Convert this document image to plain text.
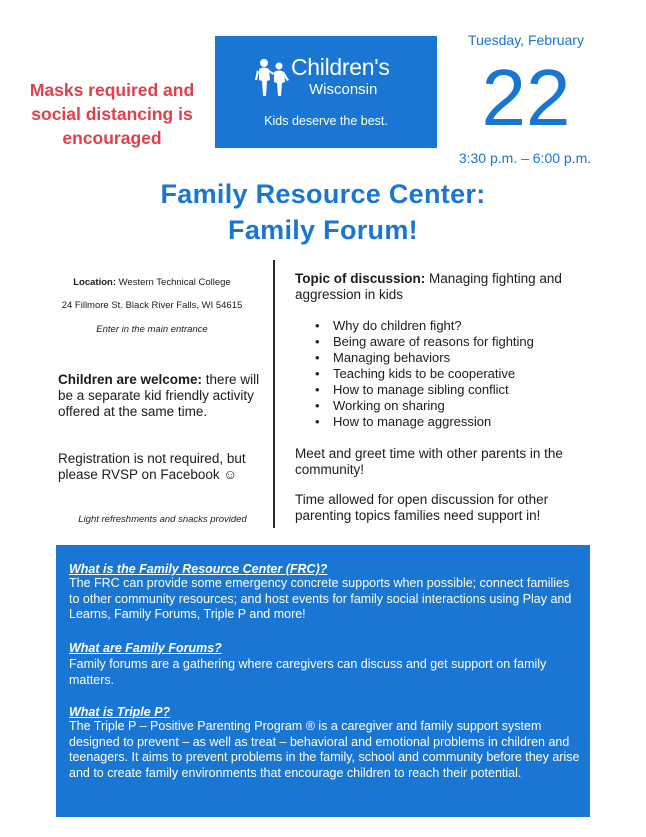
Masks required and social distancing is encouraged
Children's
Wisconsin
Kids deserve the best.
Tuesday, February
22
3:30 p.m. – 6:00 p.m.
Family Resource Center:
Family Forum!
Location: Western Technical College
24 Fillmore St. Black River Falls, WI 54615
Enter in the main entrance
Children are welcome: there will be a separate kid friendly activity offered at the same time.
Registration is not required, but please RVSP on Facebook ☺
Light refreshments and snacks provided
Topic of discussion: Managing fighting and aggression in kids
• Why do children fight?
• Being aware of reasons for fighting
• Managing behaviors
• Teaching kids to be cooperative
• How to manage sibling conflict
• Working on sharing
• How to manage aggression
Meet and greet time with other parents in the community!
Time allowed for open discussion for other parenting topics families need support in!
What is the Family Resource Center (FRC)?
The FRC can provide some emergency concrete supports when possible; connect families to other community resources; and host events for family social interactions using Play and Learns, Family Forums, Triple P and more!
What are Family Forums?
Family forums are a gathering where caregivers can discuss and get support on family matters.
What is Triple P?
The Triple P – Positive Parenting Program ® is a caregiver and family support system designed to prevent – as well as treat – behavioral and emotional problems in children and teenagers. It aims to prevent problems in the family, school and community before they arise and to create family environments that encourage children to reach their potential.
